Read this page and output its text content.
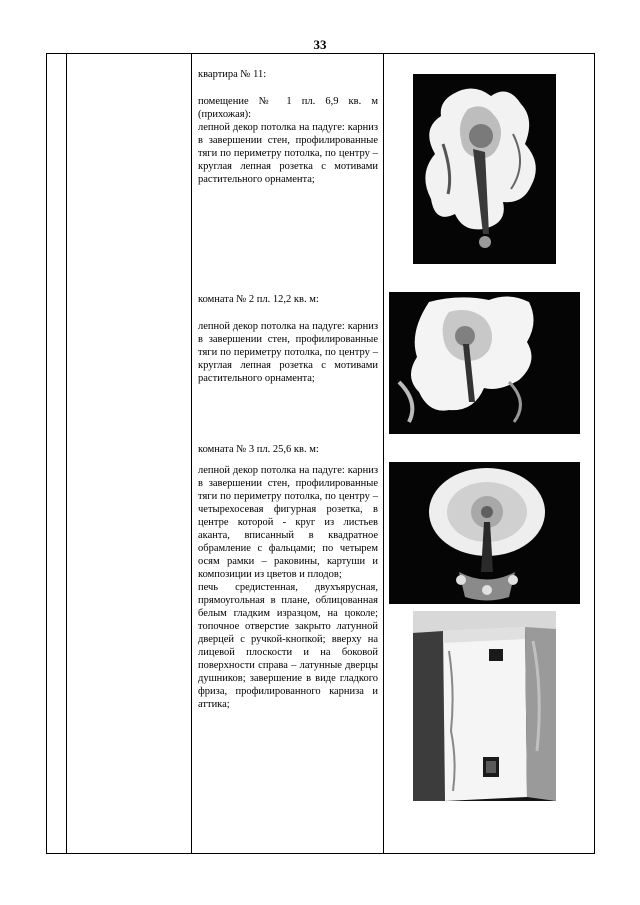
33

квартира № 11:

помещение № 1 пл. 6,9 кв. м (прихожая):

лепной декор потолка на падуге: карниз в завершении стен, профилированные тяги по периметру потолка, по центру – круглая лепная розетка с мотивами растительного орнамента;

комната № 2 пл. 12,2 кв. м:

лепной декор потолка на падуге: карниз в завершении стен, профилированные тяги по периметру потолка, по центру – круглая лепная розетка с мотивами растительного орнамента;

комната № 3 пл. 25,6 кв. м:

лепной декор потолка на падуге: карниз в завершении стен, профилированные тяги по периметру потолка, по центру – четырехосевая фигурная розетка, в центре которой - круг из листьев аканта, вписанный в квадратное обрамление с фальцами; по четырем осям рамки – раковины, картуши и композиции из цветов и плодов;

печь средистенная, двухъярусная, прямоугольная в плане, облицованная белым гладким изразцом, на цоколе; топочное отверстие закрыто латунной дверцей с ручкой-кнопкой; вверху на лицевой плоскости и на боковой поверхности справа – латунные дверцы душников; завершение в виде гладкого фриза, профилированного карниза и аттика;
